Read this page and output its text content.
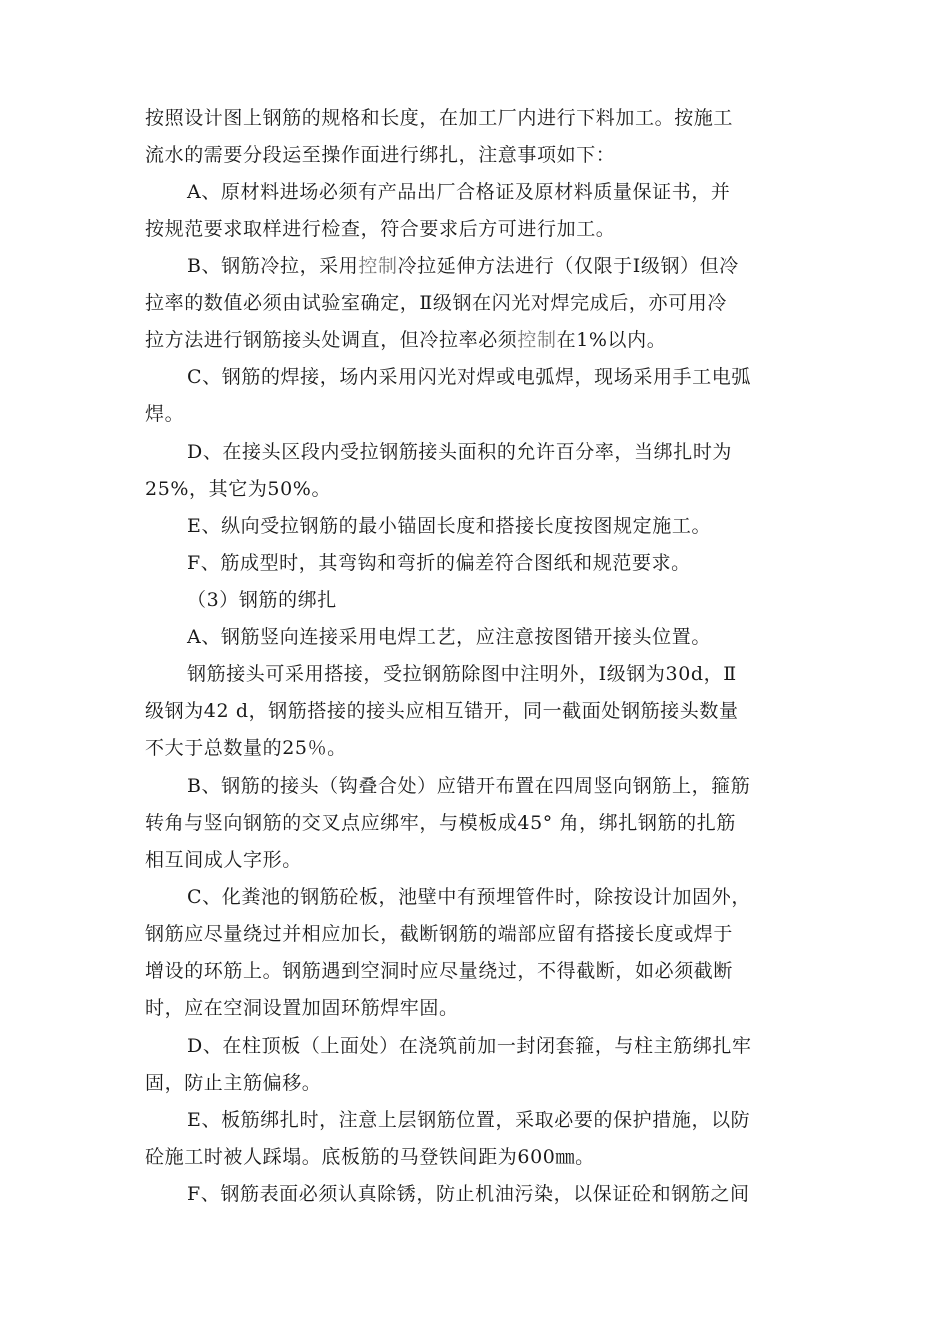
按照设计图上钢筋的规格和长度，在加工厂内进行下料加工。按施工
流水的需要分段运至操作面进行绑扎，注意事项如下：
A、原材料进场必须有产品出厂合格证及原材料质量保证书，并
按规范要求取样进行检查，符合要求后方可进行加工。
B、钢筋冷拉，采用控制冷拉延伸方法进行（仅限于Ⅰ级钢）但冷
拉率的数值必须由试验室确定，Ⅱ级钢在闪光对焊完成后，亦可用冷
拉方法进行钢筋接头处调直，但冷拉率必须控制在1%以内。
C、钢筋的焊接，场内采用闪光对焊或电弧焊，现场采用手工电弧
焊。
D、在接头区段内受拉钢筋接头面积的允许百分率，当绑扎时为
25%，其它为50%。
E、纵向受拉钢筋的最小锚固长度和搭接长度按图规定施工。
F、筋成型时，其弯钩和弯折的偏差符合图纸和规范要求。
（3）钢筋的绑扎
A、钢筋竖向连接采用电焊工艺，应注意按图错开接头位置。
钢筋接头可采用搭接，受拉钢筋除图中注明外，Ⅰ级钢为30d，Ⅱ
级钢为42 d，钢筋搭接的接头应相互错开，同一截面处钢筋接头数量
不大于总数量的25％。
B、钢筋的接头（钩叠合处）应错开布置在四周竖向钢筋上，箍筋
转角与竖向钢筋的交叉点应绑牢，与模板成45° 角，绑扎钢筋的扎筋
相互间成人字形。
C、化粪池的钢筋砼板，池壁中有预埋管件时，除按设计加固外，
钢筋应尽量绕过并相应加长，截断钢筋的端部应留有搭接长度或焊于
增设的环筋上。钢筋遇到空洞时应尽量绕过，不得截断，如必须截断
时，应在空洞设置加固环筋焊牢固。
D、在柱顶板（上面处）在浇筑前加一封闭套箍，与柱主筋绑扎牢
固，防止主筋偏移。
E、板筋绑扎时，注意上层钢筋位置，采取必要的保护措施，以防
砼施工时被人踩塌。底板筋的马登铁间距为600㎜。
F、钢筋表面必须认真除锈，防止机油污染，以保证砼和钢筋之间
